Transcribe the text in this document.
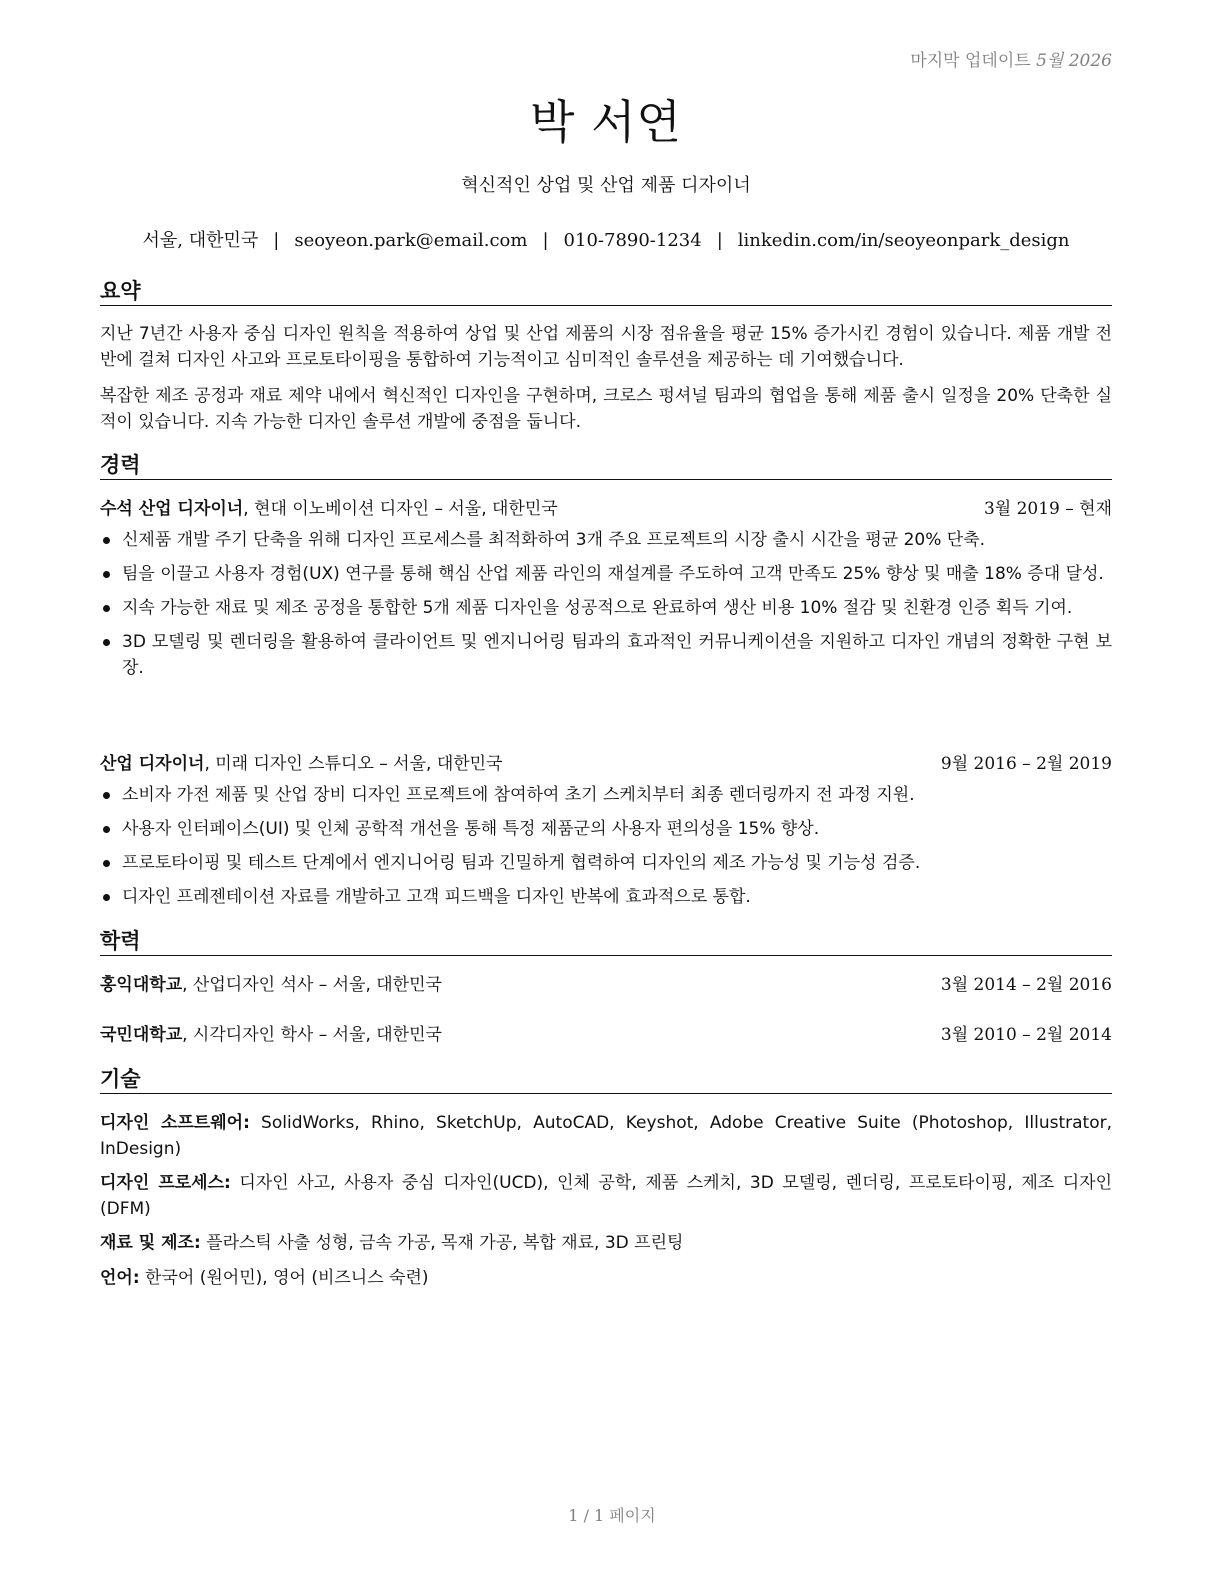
마지막 업데이트 5월 2026
박 서연
혁신적인 상업 및 산업 제품 디자이너
서울, 대한민국 | seoyeon.park@email.com | 010-7890-1234 | linkedin.com/in/seoyeonpark_design
요약
지난 7년간 사용자 중심 디자인 원칙을 적용하여 상업 및 산업 제품의 시장 점유율을 평균 15% 증가시킨 경험이 있습니다. 제품 개발 전반에 걸쳐 디자인 사고와 프로토타이핑을 통합하여 기능적이고 심미적인 솔루션을 제공하는 데 기여했습니다.
복잡한 제조 공정과 재료 제약 내에서 혁신적인 디자인을 구현하며, 크로스 펑셔널 팀과의 협업을 통해 제품 출시 일정을 20% 단축한 실적이 있습니다. 지속 가능한 디자인 솔루션 개발에 중점을 둡니다.
경력
수석 산업 디자이너, 현대 이노베이션 디자인 – 서울, 대한민국	3월 2019 – 현재
신제품 개발 주기 단축을 위해 디자인 프로세스를 최적화하여 3개 주요 프로젝트의 시장 출시 시간을 평균 20% 단축.
팀을 이끌고 사용자 경험(UX) 연구를 통해 핵심 산업 제품 라인의 재설계를 주도하여 고객 만족도 25% 향상 및 매출 18% 증대 달성.
지속 가능한 재료 및 제조 공정을 통합한 5개 제품 디자인을 성공적으로 완료하여 생산 비용 10% 절감 및 친환경 인증 획득 기여.
3D 모델링 및 렌더링을 활용하여 클라이언트 및 엔지니어링 팀과의 효과적인 커뮤니케이션을 지원하고 디자인 개념의 정확한 구현 보장.
산업 디자이너, 미래 디자인 스튜디오 – 서울, 대한민국	9월 2016 – 2월 2019
소비자 가전 제품 및 산업 장비 디자인 프로젝트에 참여하여 초기 스케치부터 최종 렌더링까지 전 과정 지원.
사용자 인터페이스(UI) 및 인체 공학적 개선을 통해 특정 제품군의 사용자 편의성을 15% 향상.
프로토타이핑 및 테스트 단계에서 엔지니어링 팀과 긴밀하게 협력하여 디자인의 제조 가능성 및 기능성 검증.
디자인 프레젠테이션 자료를 개발하고 고객 피드백을 디자인 반복에 효과적으로 통합.
학력
홍익대학교, 산업디자인 석사 – 서울, 대한민국	3월 2014 – 2월 2016
국민대학교, 시각디자인 학사 – 서울, 대한민국	3월 2010 – 2월 2014
기술
디자인 소프트웨어: SolidWorks, Rhino, SketchUp, AutoCAD, Keyshot, Adobe Creative Suite (Photoshop, Illustrator, InDesign)
디자인 프로세스: 디자인 사고, 사용자 중심 디자인(UCD), 인체 공학, 제품 스케치, 3D 모델링, 렌더링, 프로토타이핑, 제조 디자인(DFM)
재료 및 제조: 플라스틱 사출 성형, 금속 가공, 목재 가공, 복합 재료, 3D 프린팅
언어: 한국어 (원어민), 영어 (비즈니스 숙련)
1 / 1 페이지
